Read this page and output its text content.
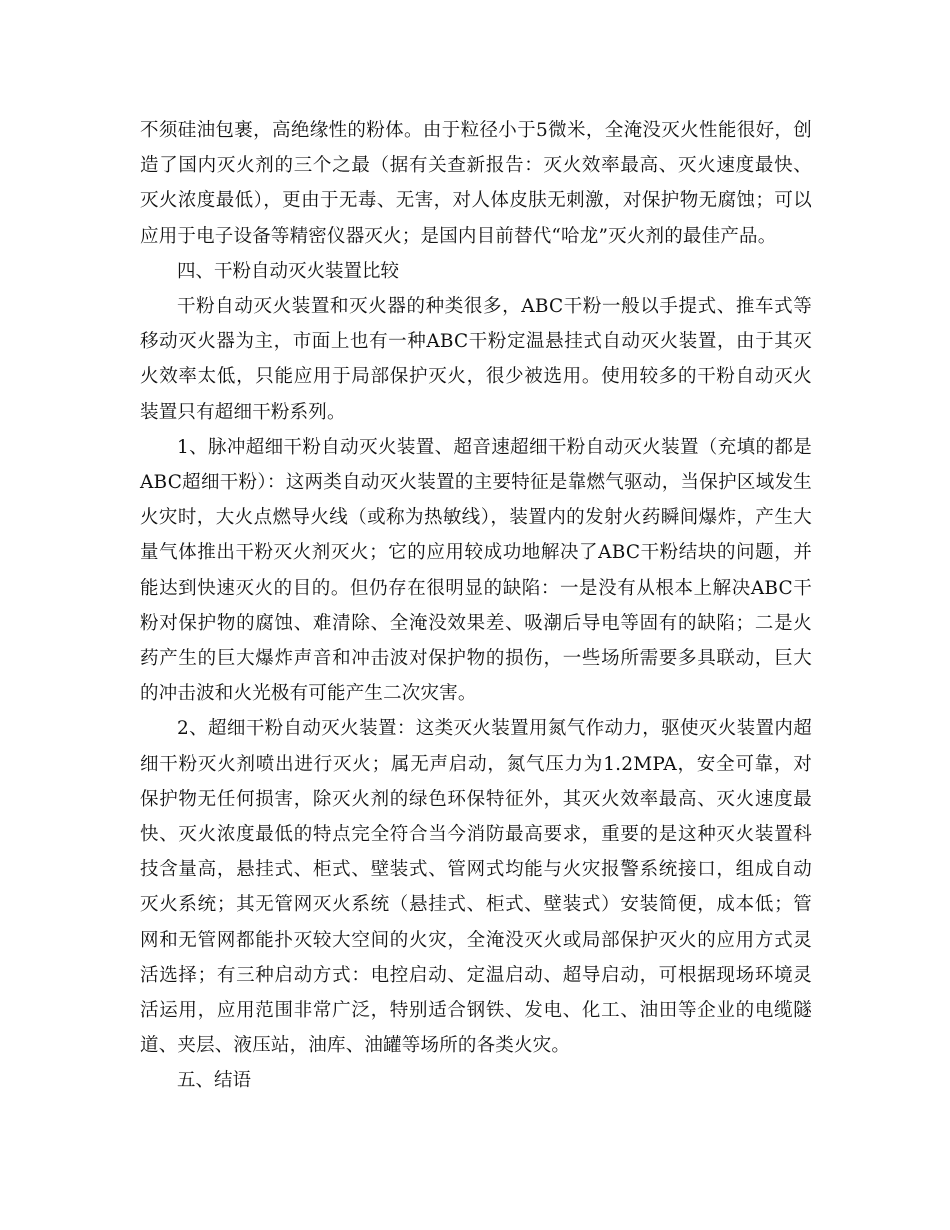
不须硅油包裹，高绝缘性的粉体。由于粒径小于5微米，全淹没灭火性能很好，创造了国内灭火剂的三个之最（据有关查新报告：灭火效率最高、灭火速度最快、灭火浓度最低），更由于无毒、无害，对人体皮肤无刺激，对保护物无腐蚀；可以应用于电子设备等精密仪器灭火；是国内目前替代“哈龙”灭火剂的最佳产品。

四、干粉自动灭火装置比较

干粉自动灭火装置和灭火器的种类很多，ABC干粉一般以手提式、推车式等移动灭火器为主，市面上也有一种ABC干粉定温悬挂式自动灭火装置，由于其灭火效率太低，只能应用于局部保护灭火，很少被选用。使用较多的干粉自动灭火装置只有超细干粉系列。

1、脉冲超细干粉自动灭火装置、超音速超细干粉自动灭火装置（充填的都是ABC超细干粉）：这两类自动灭火装置的主要特征是靠燃气驱动，当保护区域发生火灾时，大火点燃导火线（或称为热敏线），装置内的发射火药瞬间爆炸，产生大量气体推出干粉灭火剂灭火；它的应用较成功地解决了ABC干粉结块的问题，并能达到快速灭火的目的。但仍存在很明显的缺陷：一是没有从根本上解决ABC干粉对保护物的腐蚀、难清除、全淹没效果差、吸潮后导电等固有的缺陷；二是火药产生的巨大爆炸声音和冲击波对保护物的损伤，一些场所需要多具联动，巨大的冲击波和火光极有可能产生二次灾害。

2、超细干粉自动灭火装置：这类灭火装置用氮气作动力，驱使灭火装置内超细干粉灭火剂喷出进行灭火；属无声启动，氮气压力为1.2MPA，安全可靠，对保护物无任何损害，除灭火剂的绿色环保特征外，其灭火效率最高、灭火速度最快、灭火浓度最低的特点完全符合当今消防最高要求，重要的是这种灭火装置科技含量高，悬挂式、柜式、壁装式、管网式均能与火灾报警系统接口，组成自动灭火系统；其无管网灭火系统（悬挂式、柜式、壁装式）安装简便，成本低；管网和无管网都能扑灭较大空间的火灾，全淹没灭火或局部保护灭火的应用方式灵活选择；有三种启动方式：电控启动、定温启动、超导启动，可根据现场环境灵活运用，应用范围非常广泛，特别适合钢铁、发电、化工、油田等企业的电缆隧道、夹层、液压站，油库、油罐等场所的各类火灾。

五、结语
